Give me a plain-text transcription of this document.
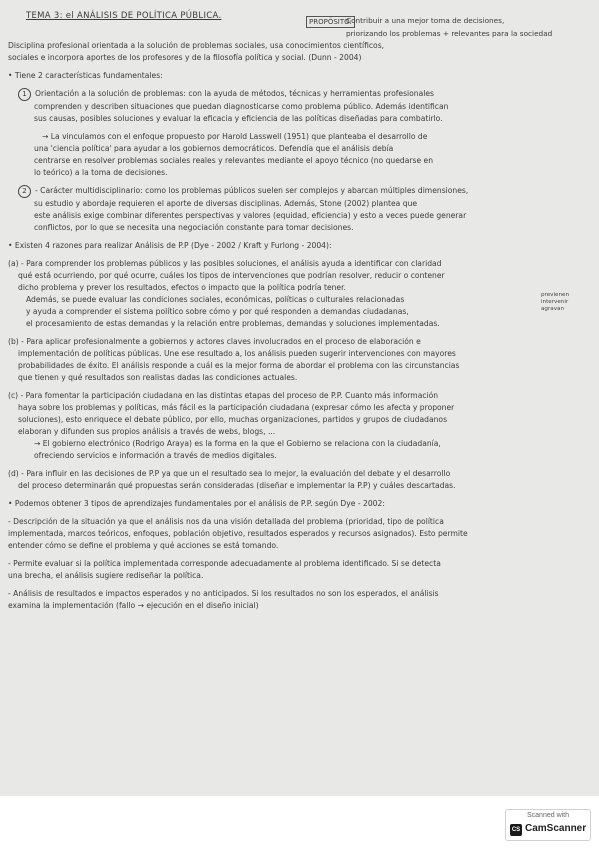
TEMA 3: el ANÁLISIS DE POLÍTICA PÚBLICA.
PROPÓSITO:
Contribuir a una mejor toma de decisiones,
priorizando los problemas + relevantes para la sociedad

Disciplina profesional orientada a la solución de problemas sociales, usa conocimientos científicos,

sociales e incorpora aportes de los profesores y de la filosofía política y social. (Dunn - 2004)

• Tiene 2 características fundamentales:

1 Orientación a la solución de problemas: con la ayuda de métodos, técnicas y herramientas profesionales

comprenden y describen situaciones que puedan diagnosticarse como problema público. Además identifican

sus causas, posibles soluciones y evaluar la eficacia y eficiencia de las políticas diseñadas para combatirlo.

→ La vinculamos con el enfoque propuesto por Harold Lasswell (1951) que planteaba el desarrollo de

una 'ciencia política' para ayudar a los gobiernos democráticos. Defendía que el análisis debía

centrarse en resolver problemas sociales reales y relevantes mediante el apoyo técnico (no quedarse en

lo teórico) a la toma de decisiones.

2 - Carácter multidisciplinario: como los problemas públicos suelen ser complejos y abarcan múltiples dimensiones,

su estudio y abordaje requieren el aporte de diversas disciplinas. Además, Stone (2002) plantea que

este análisis exige combinar diferentes perspectivas y valores (equidad, eficiencia) y esto a veces puede generar

conflictos, por lo que se necesita una negociación constante para tomar decisiones.

• Existen 4 razones para realizar Análisis de P.P (Dye - 2002 / Kraft y Furlong - 2004):

(a) - Para comprender los problemas públicos y las posibles soluciones, el análisis ayuda a identificar con claridad

qué está ocurriendo, por qué ocurre, cuáles los tipos de intervenciones que podrían resolver, reducir o contener

dicho problema y prever los resultados, efectos o impacto que la política podría tener.

Además, se puede evaluar las condiciones sociales, económicas, políticas o culturales relacionadas

y ayuda a comprender el sistema político sobre cómo y por qué responden a demandas ciudadanas,

el procesamiento de estas demandas y la relación entre problemas, demandas y soluciones implementadas.

previenen
intervenir
agravan

(b) - Para aplicar profesionalmente a gobiernos y actores claves involucrados en el proceso de elaboración e

implementación de políticas públicas. Une ese resultado a, los análisis pueden sugerir intervenciones con mayores

probabilidades de éxito. El análisis responde a cuál es la mejor forma de abordar el problema con las circunstancias

que tienen y qué resultados son realistas dadas las condiciones actuales.

(c) - Para fomentar la participación ciudadana en las distintas etapas del proceso de P.P. Cuanto más información

haya sobre los problemas y políticas, más fácil es la participación ciudadana (expresar cómo les afecta y proponer

soluciones), esto enriquece el debate público, por ello, muchas organizaciones, partidos y grupos de ciudadanos

elaboran y difunden sus propios análisis a través de webs, blogs, ...

→ El gobierno electrónico (Rodrigo Araya) es la forma en la que el Gobierno se relaciona con la ciudadanía,

ofreciendo servicios e información a través de medios digitales.

(d) - Para influir en las decisiones de P.P ya que un el resultado sea lo mejor, la evaluación del debate y el desarrollo

del proceso determinarán qué propuestas serán consideradas (diseñar e implementar la P.P) y cuáles descartadas.

• Podemos obtener 3 tipos de aprendizajes fundamentales por el análisis de P.P. según Dye - 2002:

- Descripción de la situación ya que el análisis nos da una visión detallada del problema (prioridad, tipo de política

implementada, marcos teóricos, enfoques, población objetivo, resultados esperados y recursos asignados). Esto permite

entender cómo se define el problema y qué acciones se está tomando.

- Permite evaluar si la política implementada corresponde adecuadamente al problema identificado. Si se detecta

una brecha, el análisis sugiere rediseñar la política.

- Análisis de resultados e impactos esperados y no anticipados. Si los resultados no son los esperados, el análisis

examina la implementación (fallo → ejecución en el diseño inicial)

Scanned with
CS CamScanner
